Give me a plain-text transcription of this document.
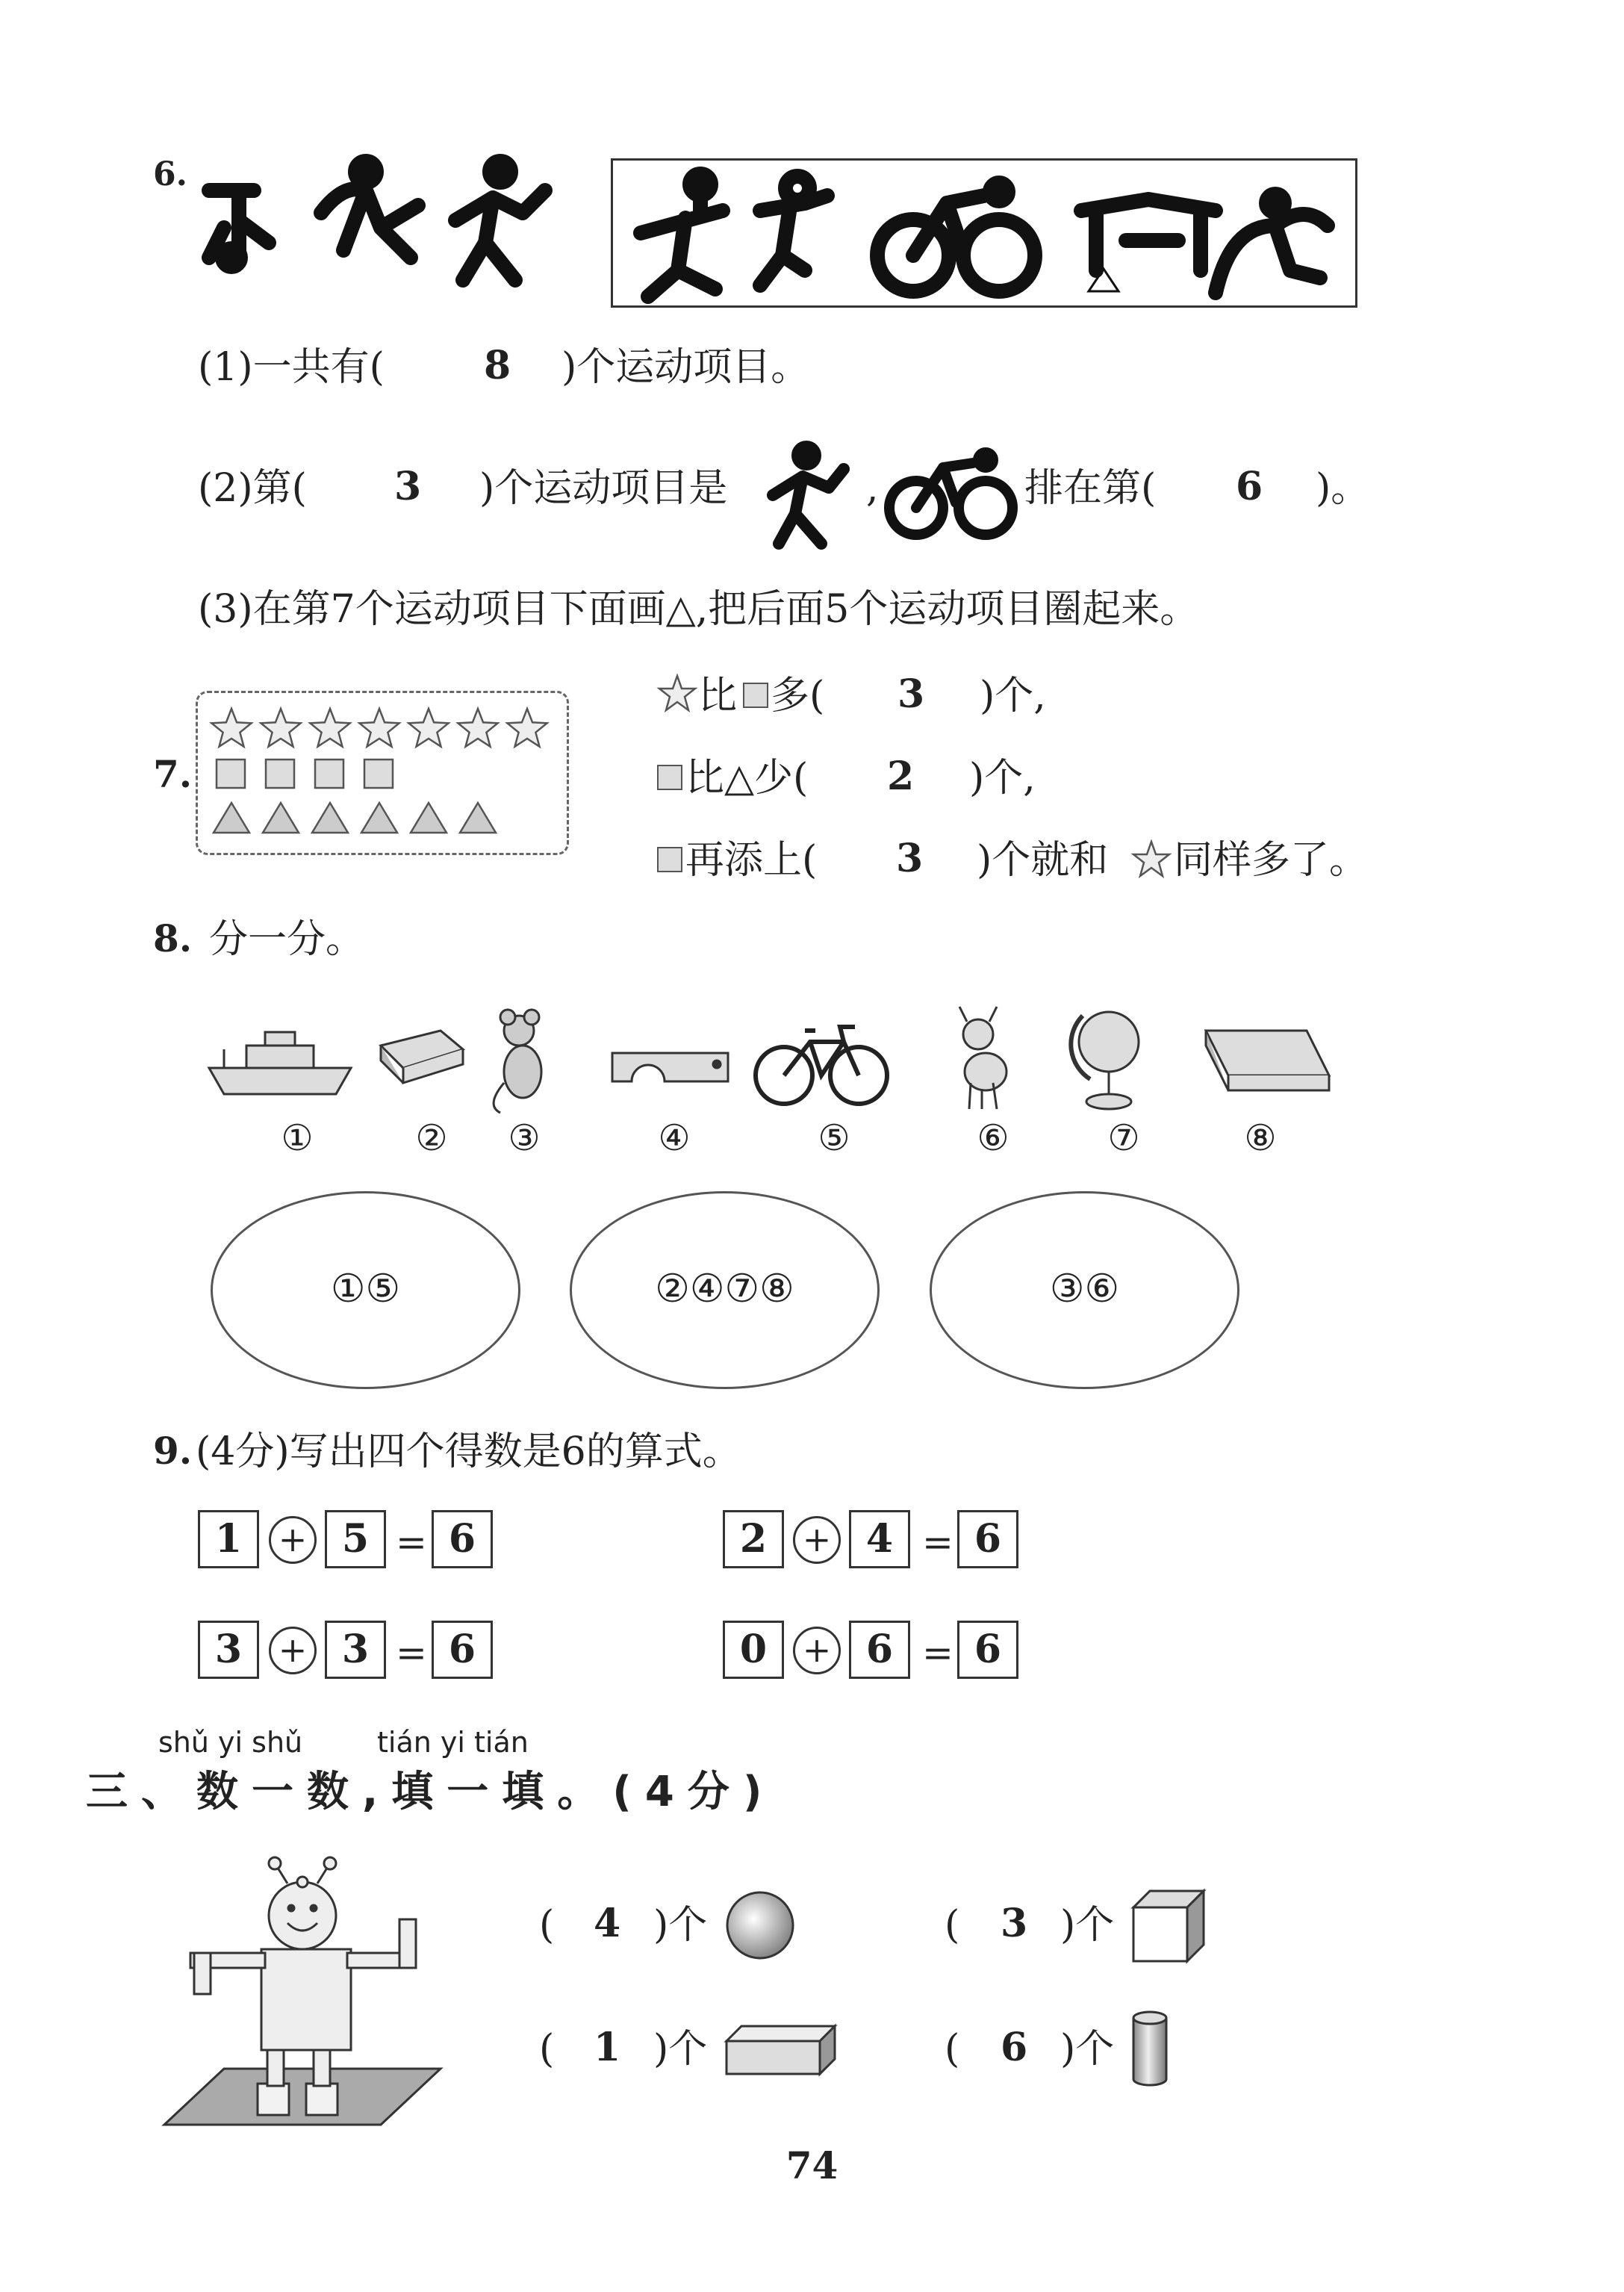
6.
(1)一共有(	8 )个运动项目。
(2)第( 3 )个运动项目是	,	排在第( 6 )。
(3)在第7个运动项目下面画△,把后面5个运动项目圈起来。
7.
比 多( 3 )个,
比△少( 2 )个,
再添上( 3 )个就和 同样多了。
8. 分一分。
①	②	③	④	⑤	⑥	⑦	⑧
①⑤	②④⑦⑧	③⑥
9. (4分)写出四个得数是6的算式。
1	+ 5 = 6	2	+ 4 = 6
3	+ 3 = 6	0	+ 6 = 6
shǔ yi shǔ	tián yi tián
三、数一数,填一填。(4分)
( 4 )个	( 3 )个
( 1 )个	( 6 )个
74
